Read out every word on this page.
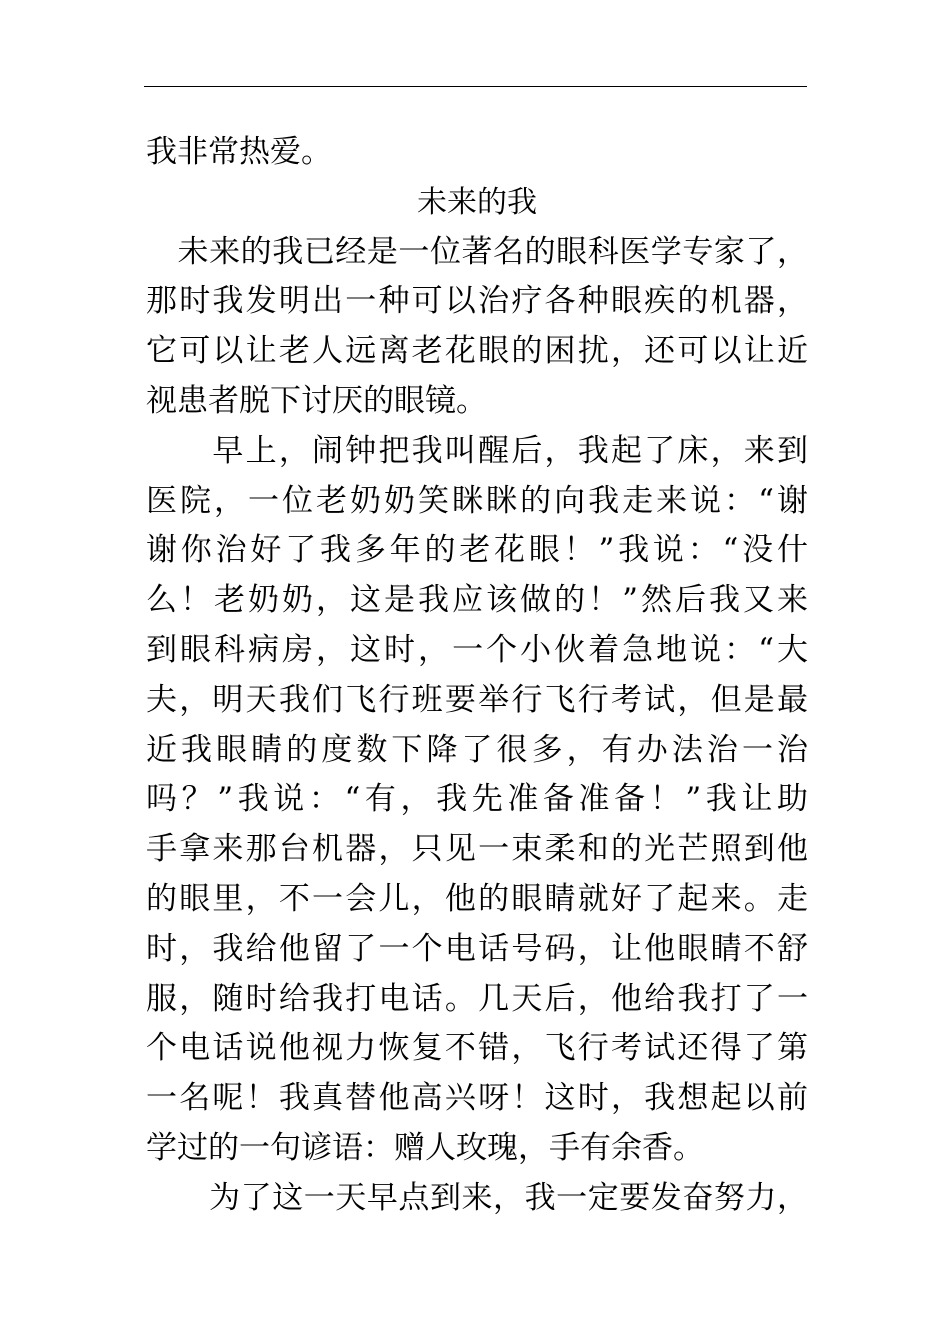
我非常热爱。
未来的我
　未来的我已经是一位著名的眼科医学专家了，
那时我发明出一种可以治疗各种眼疾的机器，
它可以让老人远离老花眼的困扰，还可以让近
视患者脱下讨厌的眼镜。
　　早上，闹钟把我叫醒后，我起了床，来到
医院，一位老奶奶笑眯眯的向我走来说：“谢
谢你治好了我多年的老花眼！”我说：“没什
么！老奶奶，这是我应该做的！”然后我又来
到眼科病房，这时，一个小伙着急地说：“大
夫，明天我们飞行班要举行飞行考试，但是最
近我眼睛的度数下降了很多，有办法治一治
吗？”我说：“有，我先准备准备！”我让助
手拿来那台机器，只见一束柔和的光芒照到他
的眼里，不一会儿，他的眼睛就好了起来。走
时，我给他留了一个电话号码，让他眼睛不舒
服，随时给我打电话。几天后，他给我打了一
个电话说他视力恢复不错，飞行考试还得了第
一名呢！我真替他高兴呀！这时，我想起以前
学过的一句谚语：赠人玫瑰，手有余香。
　　为了这一天早点到来，我一定要发奋努力，
